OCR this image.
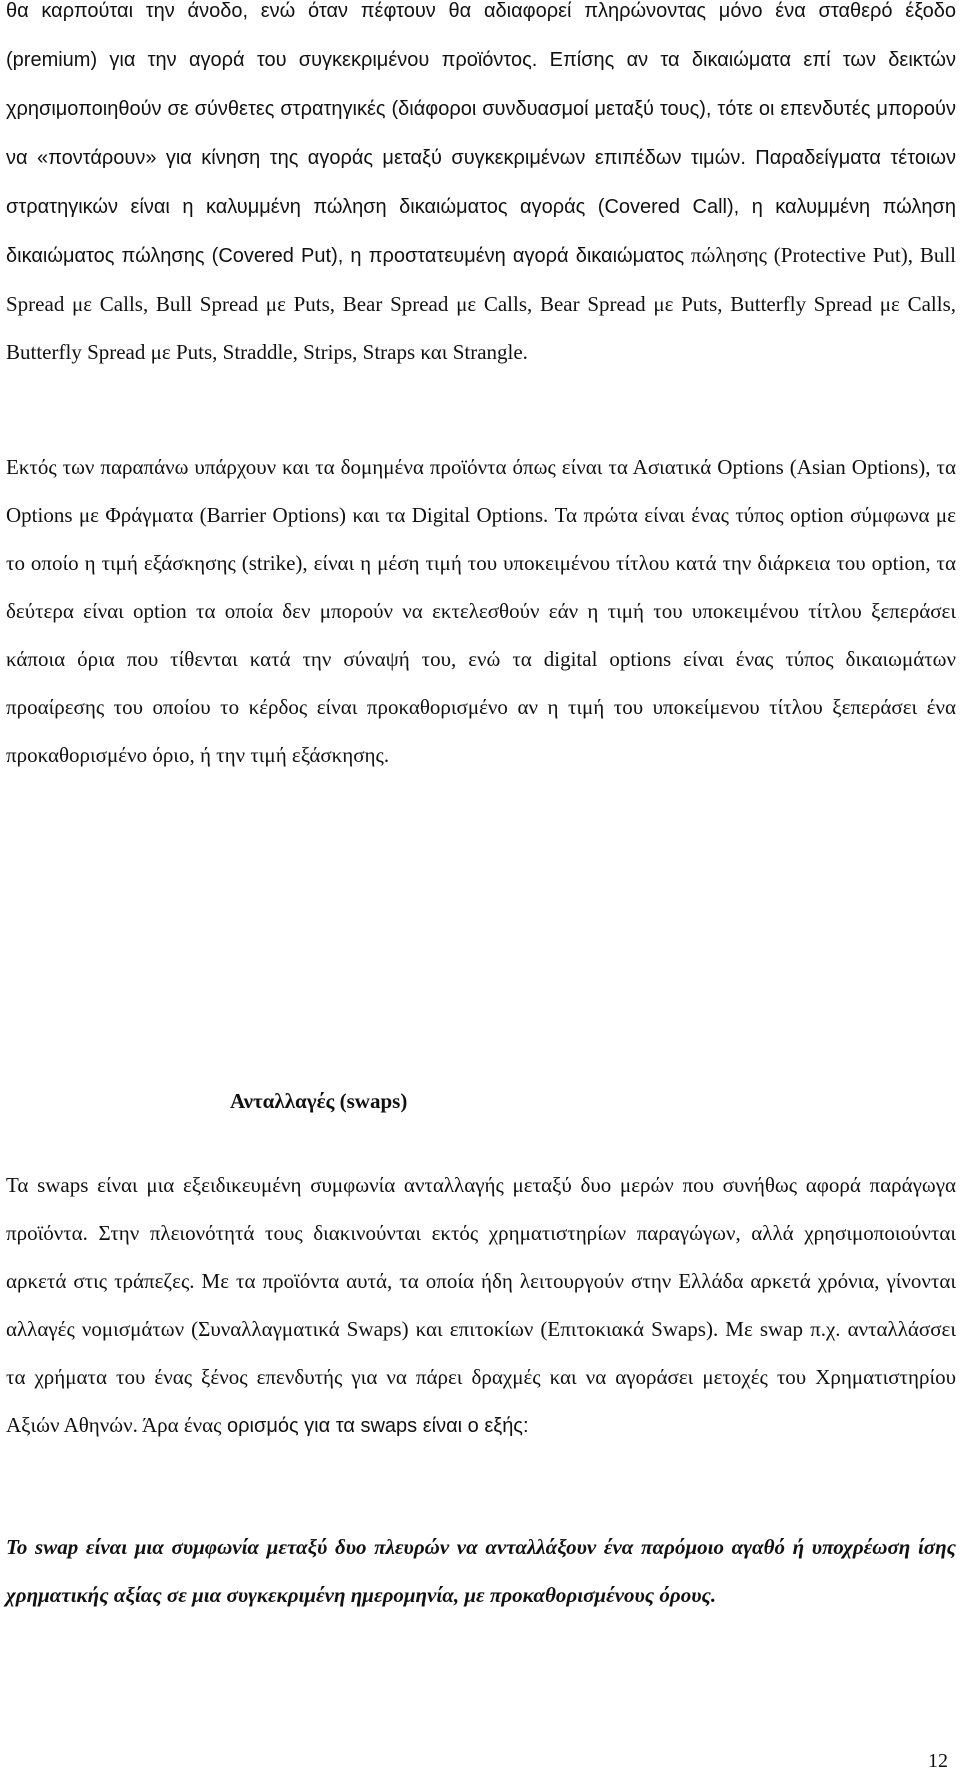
θα καρπούται την άνοδο, ενώ όταν πέφτουν θα αδιαφορεί πληρώνοντας μόνο ένα σταθερό έξοδο (premium) για την αγορά του συγκεκριμένου προϊόντος. Επίσης αν τα δικαιώματα επί των δεικτών χρησιμοποιηθούν σε σύνθετες στρατηγικές (διάφοροι συνδυασμοί μεταξύ τους), τότε οι επενδυτές μπορούν να «ποντάρουν» για κίνηση της αγοράς μεταξύ συγκεκριμένων επιπέδων τιμών. Παραδείγματα τέτοιων στρατηγικών είναι η καλυμμένη πώληση δικαιώματος αγοράς (Covered Call), η καλυμμένη πώληση δικαιώματος πώλησης (Covered Put), η προστατευμένη αγορά δικαιώματος πώλησης (Protective Put), Bull Spread με Calls, Bull Spread με Puts, Bear Spread με Calls, Bear Spread με Puts, Butterfly Spread με Calls, Butterfly Spread με Puts, Straddle, Strips, Straps και Strangle.

Εκτός των παραπάνω υπάρχουν και τα δομημένα προϊόντα όπως είναι τα Ασιατικά Options (Asian Options), τα Options με Φράγματα (Barrier Options) και τα Digital Options. Τα πρώτα είναι ένας τύπος option σύμφωνα με το οποίο η τιμή εξάσκησης (strike), είναι η μέση τιμή του υποκειμένου τίτλου κατά την διάρκεια του option, τα δεύτερα είναι option τα οποία δεν μπορούν να εκτελεσθούν εάν η τιμή του υποκειμένου τίτλου ξεπεράσει κάποια όρια που τίθενται κατά την σύναψή του, ενώ τα digital options είναι ένας τύπος δικαιωμάτων προαίρεσης του οποίου το κέρδος είναι προκαθορισμένο αν η τιμή του υποκείμενου τίτλου ξεπεράσει ένα προκαθορισμένο όριο, ή την τιμή εξάσκησης.

Ανταλλαγές (swaps)

Τα swaps είναι μια εξειδικευμένη συμφωνία ανταλλαγής μεταξύ δυο μερών που συνήθως αφορά παράγωγα προϊόντα. Στην πλειονότητά τους διακινούνται εκτός χρηματιστηρίων παραγώγων, αλλά χρησιμοποιούνται αρκετά στις τράπεζες. Με τα προϊόντα αυτά, τα οποία ήδη λειτουργούν στην Ελλάδα αρκετά χρόνια, γίνονται αλλαγές νομισμάτων (Συναλλαγματικά Swaps) και επιτοκίων (Επιτοκιακά Swaps). Με swap π.χ. ανταλλάσσει τα χρήματα του ένας ξένος επενδυτής για να πάρει δραχμές και να αγοράσει μετοχές του Χρηματιστηρίου Αξιών Αθηνών. Άρα ένας ορισμός για τα swaps είναι ο εξής:

Το swap είναι μια συμφωνία μεταξύ δυο πλευρών να ανταλλάξουν ένα παρόμοιο αγαθό ή υποχρέωση ίσης χρηματικής αξίας σε μια συγκεκριμένη ημερομηνία, με προκαθορισμένους όρους.

12
